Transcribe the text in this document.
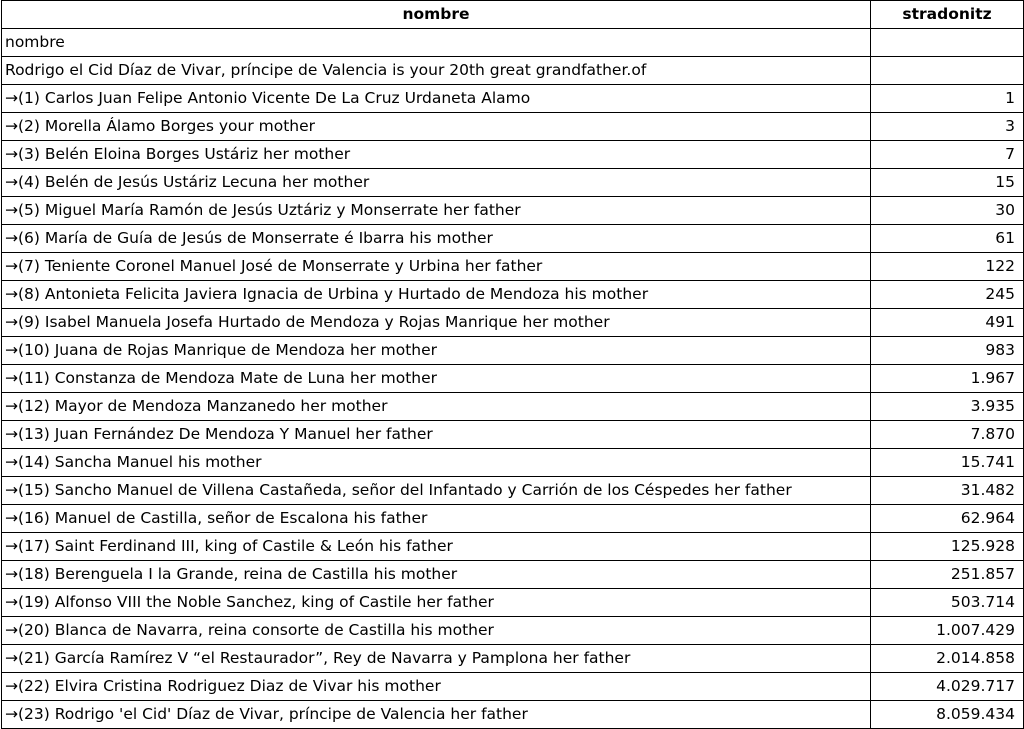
nombre	stradonitz
nombre	
Rodrigo el Cid Díaz de Vivar, príncipe de Valencia is your 20th great grandfather.of	
→(1) Carlos Juan Felipe Antonio Vicente De La Cruz Urdaneta Alamo	1
→(2) Morella Álamo Borges your mother	3
→(3) Belén Eloina Borges Ustáriz her mother	7
→(4) Belén de Jesús Ustáriz Lecuna her mother	15
→(5) Miguel María Ramón de Jesús Uztáriz y Monserrate her father	30
→(6) María de Guía de Jesús de Monserrate é Ibarra his mother	61
→(7) Teniente Coronel Manuel José de Monserrate y Urbina her father	122
→(8) Antonieta Felicita Javiera Ignacia de Urbina y Hurtado de Mendoza his mother	245
→(9) Isabel Manuela Josefa Hurtado de Mendoza y Rojas Manrique her mother	491
→(10) Juana de Rojas Manrique de Mendoza her mother	983
→(11) Constanza de Mendoza Mate de Luna her mother	1.967
→(12) Mayor de Mendoza Manzanedo her mother	3.935
→(13) Juan Fernández De Mendoza Y Manuel her father	7.870
→(14) Sancha Manuel his mother	15.741
→(15) Sancho Manuel de Villena Castañeda, señor del Infantado y Carrión de los Céspedes her father	31.482
→(16) Manuel de Castilla, señor de Escalona his father	62.964
→(17) Saint Ferdinand III, king of Castile & León his father	125.928
→(18) Berenguela I la Grande, reina de Castilla his mother	251.857
→(19) Alfonso VIII the Noble Sanchez, king of Castile her father	503.714
→(20) Blanca de Navarra, reina consorte de Castilla his mother	1.007.429
→(21) García Ramírez V “el Restaurador”, Rey de Navarra y Pamplona her father	2.014.858
→(22) Elvira Cristina Rodriguez Diaz de Vivar his mother	4.029.717
→(23) Rodrigo 'el Cid' Díaz de Vivar, príncipe de Valencia her father	8.059.434
